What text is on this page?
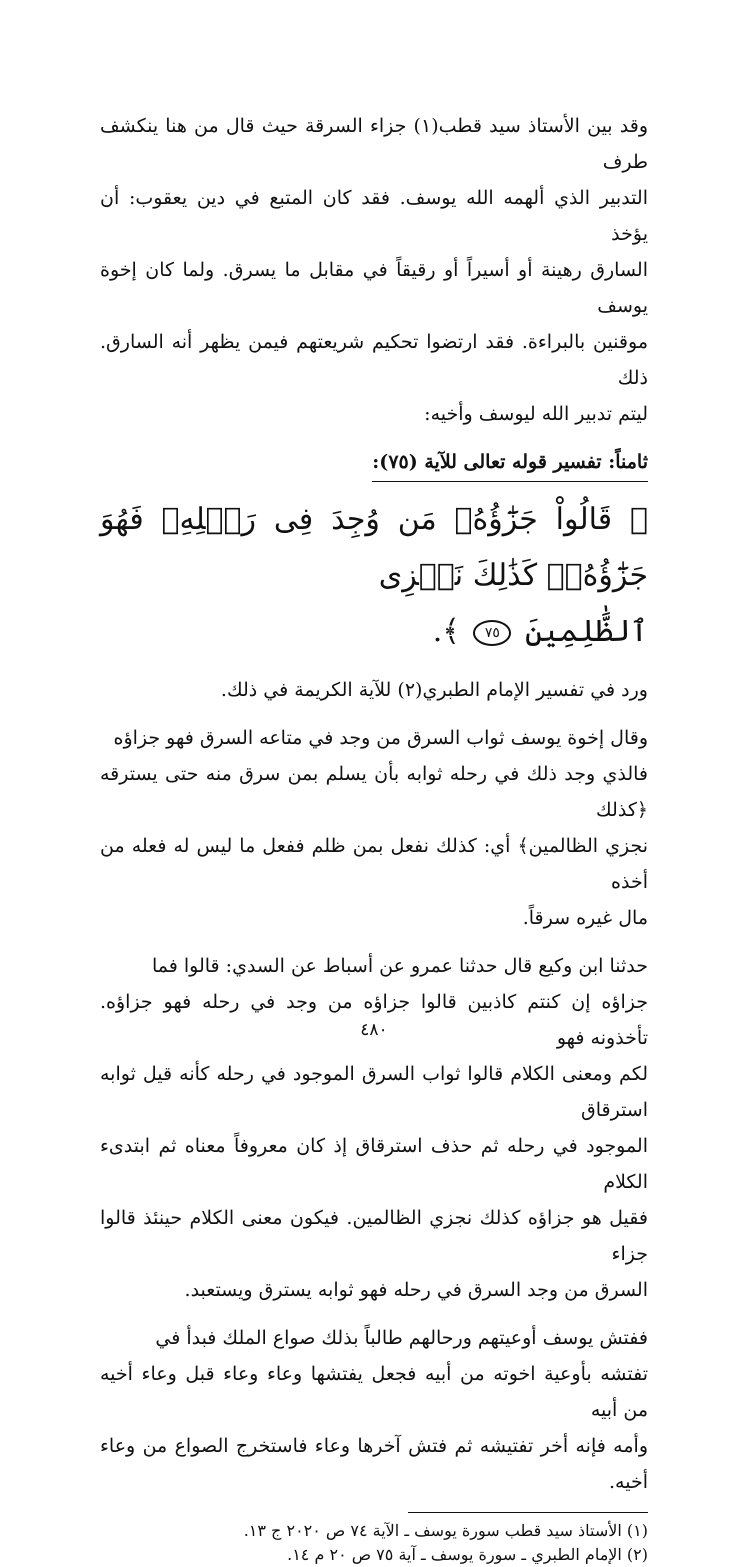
وقد بين الأستاذ سيد قطب(١) جزاء السرقة حيث قال من هنا ينكشف طرف

التدبير الذي ألهمه الله يوسف. فقد كان المتبع في دين يعقوب: أن يؤخذ

السارق رهينة أو أسيراً أو رقيقاً في مقابل ما يسرق. ولما كان إخوة يوسف

موقنين بالبراءة. فقد ارتضوا تحكيم شريعتهم فيمن يظهر أنه السارق. ذلك

ليتم تدبير الله ليوسف وأخيه:

ثامناً: تفسير قوله تعالى للآية (٧٥):
﴿ قَالُواْ جَزَٰٓؤُهُۥ مَن وُجِدَ فِى رَحۡلِهِۦ فَهُوَ جَزَٰٓؤُهُۥۚ كَذَٰلِكَ نَجۡزِى
ٱلظَّٰلِمِينَ ٧٥ ﴾.

ورد في تفسير الإمام الطبري(٢) للآية الكريمة في ذلك.

وقال إخوة يوسف ثواب السرق من وجد في متاعه السرق فهو جزاؤه

فالذي وجد ذلك في رحله ثوابه بأن يسلم بمن سرق منه حتى يسترقه ﴿كذلك

نجزي الظالمين﴾ أي: كذلك نفعل بمن ظلم ففعل ما ليس له فعله من أخذه

مال غيره سرقاً.

حدثنا ابن وكيع قال حدثنا عمرو عن أسباط عن السدي: قالوا فما

جزاؤه إن كنتم كاذبين قالوا جزاؤه من وجد في رحله فهو جزاؤه. تأخذونه فهو

لكم ومعنى الكلام قالوا ثواب السرق الموجود في رحله كأنه قيل ثوابه استرقاق

الموجود في رحله ثم حذف استرقاق إذ كان معروفاً معناه ثم ابتدىء الكلام

فقيل هو جزاؤه كذلك نجزي الظالمين. فيكون معنى الكلام حينئذ قالوا جزاء

السرق من وجد السرق في رحله فهو ثوابه يسترق ويستعبد.

ففتش يوسف أوعيتهم ورحالهم طالباً بذلك صواع الملك فبدأ في

تفتشه بأوعية اخوته من أبيه فجعل يفتشها وعاء وعاء قبل وعاء أخيه من أبيه

وأمه فإنه أخر تفتيشه ثم فتش آخرها وعاء فاستخرج الصواع من وعاء أخيه.

(١) الأستاذ سيد قطب سورة يوسف ـ الآية ٧٤ ص ٢٠٢٠ ج ١٣.

(٢) الإمام الطبري ـ سورة يوسف ـ آية ٧٥ ص ٢٠ م ١٤.

٤٨٠
